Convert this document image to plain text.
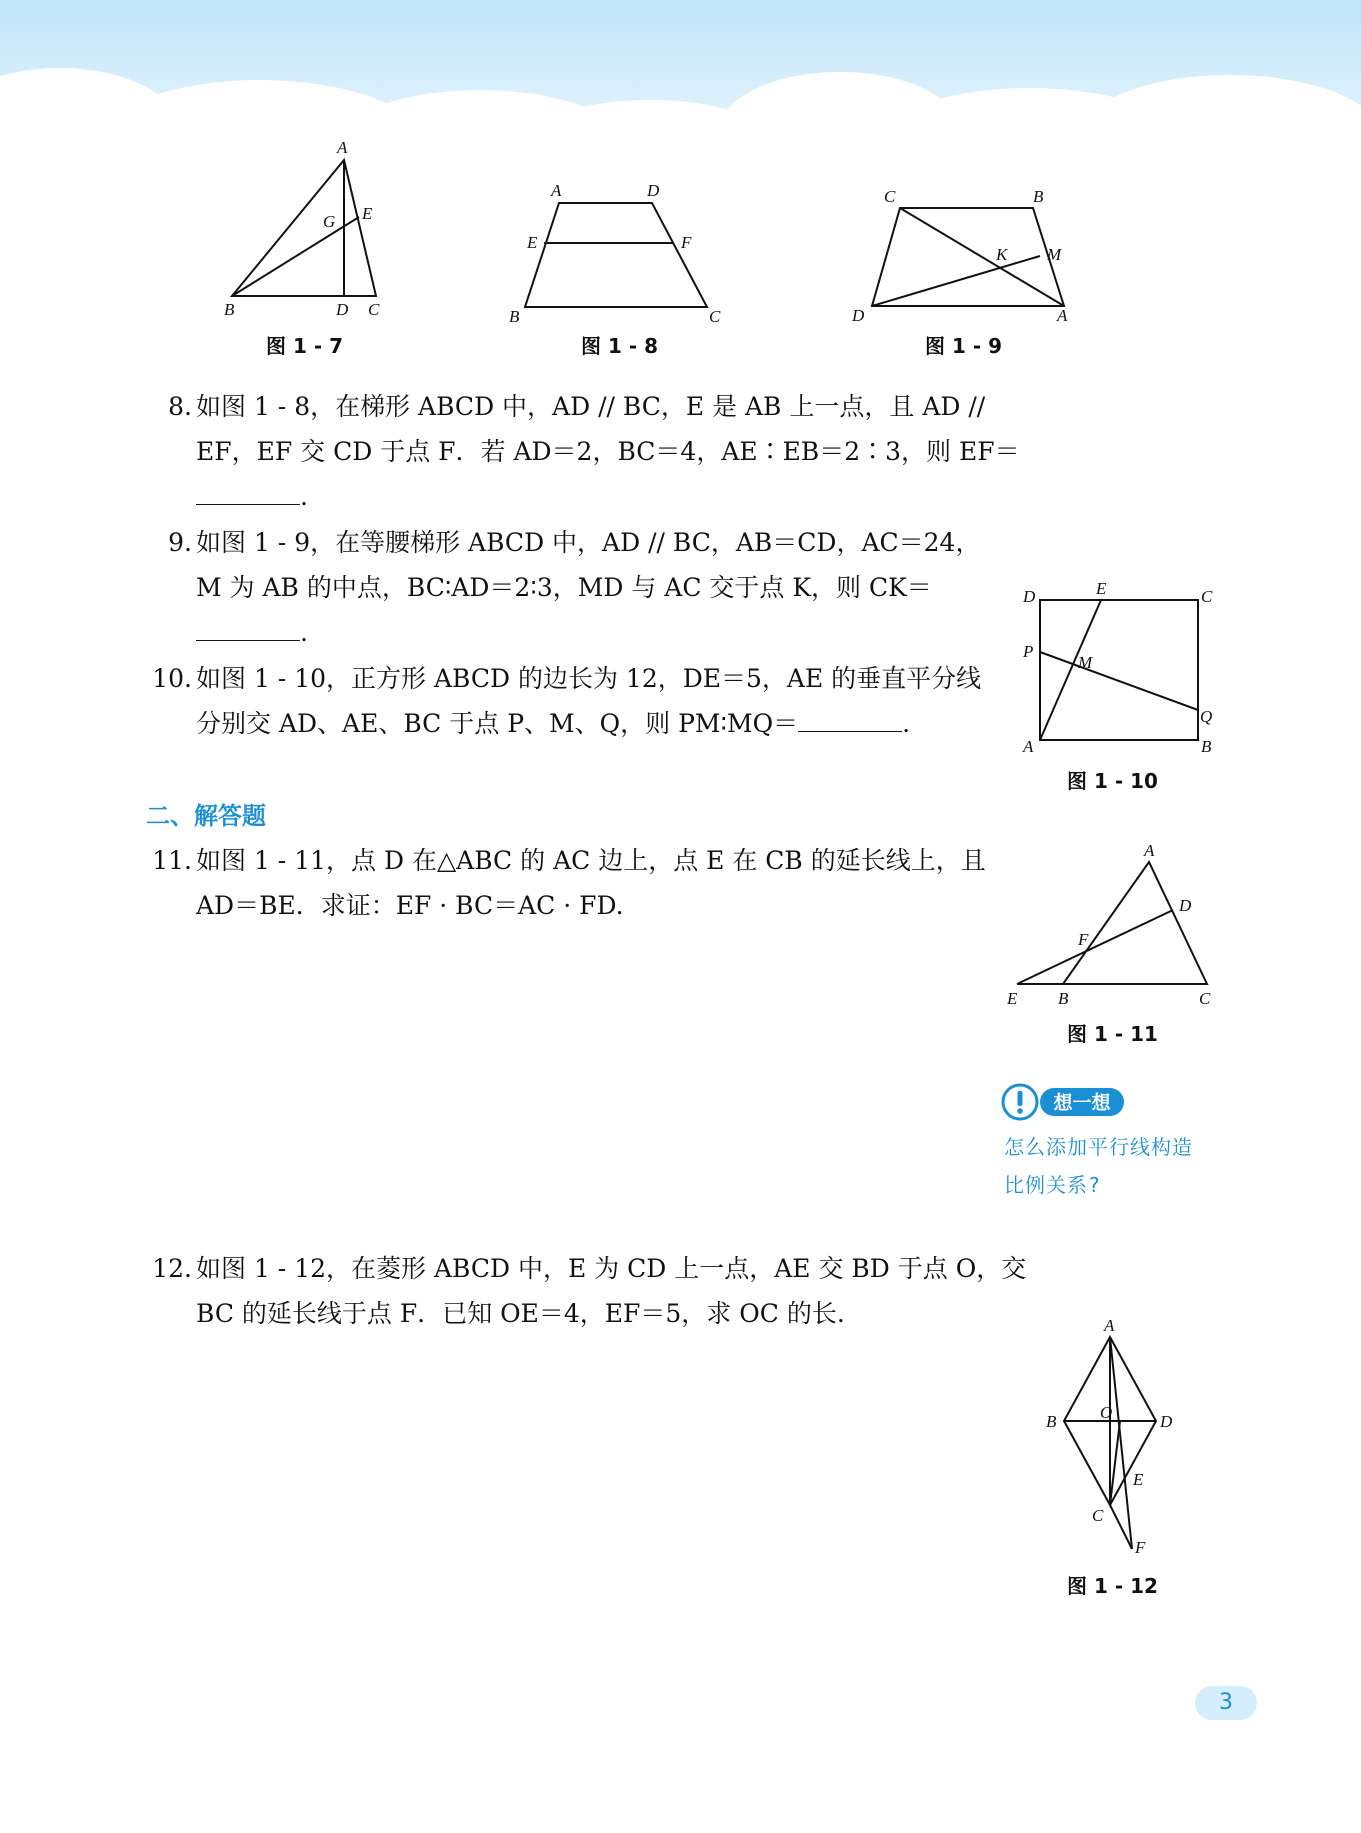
A
G E
B	D C
图 1 - 7
A	D
E	F
B	C
图 1 - 8
C	B
K M
D	A
图 1 - 9
8. 如图 1 - 8，在梯形 ABCD 中，AD // BC，E 是 AB 上一点，且 AD //

EF，EF 交 CD 于点 F．若 AD＝2，BC＝4，AE∶EB＝2∶3，则 EF＝

.

9. 如图 1 - 9，在等腰梯形 ABCD 中，AD // BC，AB＝CD，AC＝24，

M 为 AB 的中点，BC∶AD＝2∶3，MD 与 AC 交于点 K，则 CK＝

.

10. 如图 1 - 10，正方形 ABCD 的边长为 12，DE＝5，AE 的垂直平分线

分别交 AD、AE、BC 于点 P、M、Q，则 PM∶MQ＝	.

D	E	C
P
M
Q
A	B
图 1 - 10
二、解答题
11. 如图 1 - 11，点 D 在△ABC 的 AC 边上，点 E 在 CB 的延长线上，且

AD＝BE．求证：EF · BC＝AC · FD.

A
D
F
E B	C
图 1 - 11
想一想

怎么添加平行线构造

比例关系?

12. 如图 1 - 12，在菱形 ABCD 中，E 为 CD 上一点，AE 交 BD 于点 O，交

BC 的延长线于点 F．已知 OE＝4，EF＝5，求 OC 的长.	A
B	O	D
E
C
F
图 1 - 12
3
